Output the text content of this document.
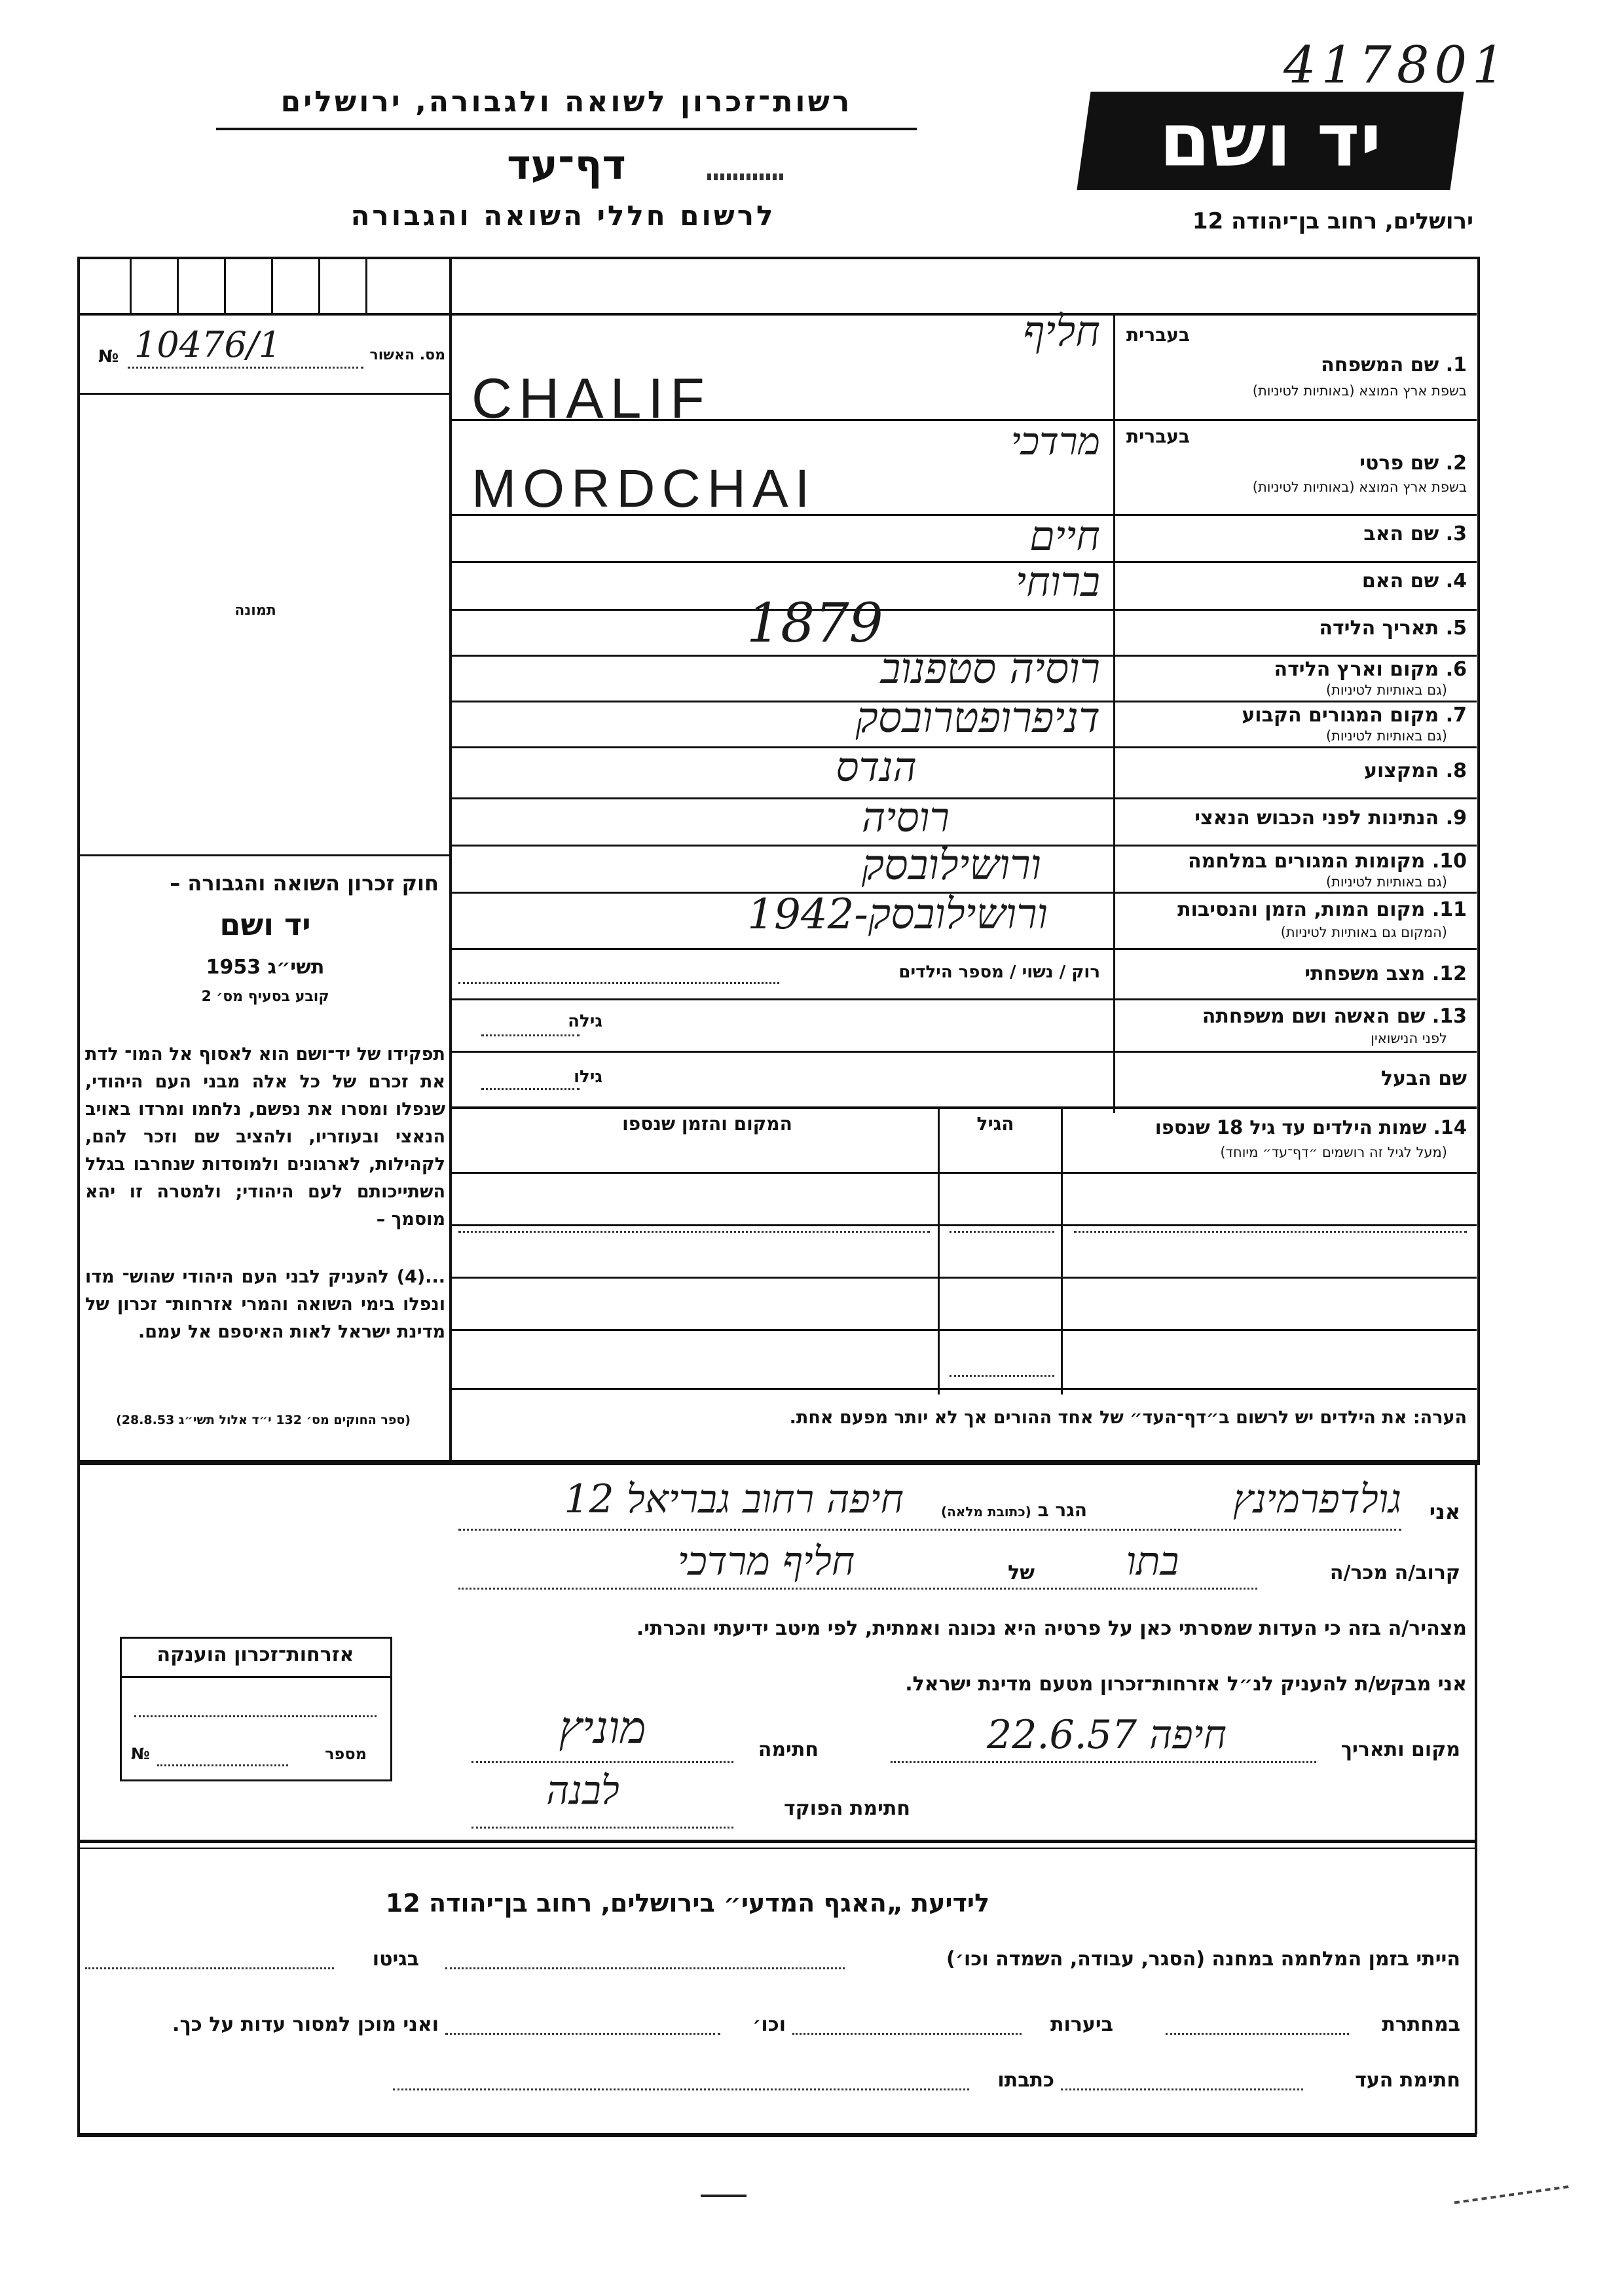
רשות־זכרון לשואה ולגבורה, ירושלים
דף־עד
לרשום חללי השואה והגבורה
יד ושם
417801
ירושלים, רחוב בן־יהודה 12
מס. האשור
№ 10476/1
תמונה
חוק זכרון השואה והגבורה –
יד ושם
תשי״ג 1953
קובע בסעיף מס׳ 2
תפקידו של יד־ושם הוא לאסוף אל המו־ לדת את זכרם של כל אלה מבני העם היהודי, שנפלו ומסרו את נפשם, נלחמו ומרדו באויב הנאצי ובעוזריו, ולהציב שם וזכר להם, לקהילות, לארגונים ולמוסדות שנחרבו בגלל השתייכותם לעם היהודי; ולמטרה זו יהא מוסמך –
...(4) להעניק לבני העם היהודי שהוש־ מדו ונפלו בימי השואה והמרי אזרחות־ זכרון של מדינת ישראל לאות האיספם אל עמם.
(ספר החוקים מס׳ 132 י״ד אלול תשי״ג 28.8.53)
בעברית
1. שם המשפחה
בשפת ארץ המוצא (באותיות לטיניות)
חליף
CHALIF
בעברית
2. שם פרטי
בשפת ארץ המוצא (באותיות לטיניות)
מרדכי
MORDCHAI
3. שם האב
חיים
4. שם האם
ברוחי
5. תאריך הלידה
1879
6. מקום וארץ הלידה
(גם באותיות לטיניות)
רוסיה סטפנוב
7. מקום המגורים הקבוע
(גם באותיות לטיניות)
דניפרופטרובסק
8. המקצוע
הנדס
9. הנתינות לפני הכבוש הנאצי
רוסיה
10. מקומות המגורים במלחמה
(גם באותיות לטיניות)
ורושילובסק
11. מקום המות, הזמן והנסיבות
(המקום גם באותיות לטיניות)
ורושילובסק-1942
12. מצב משפחתי
רוק / נשוי / מספר הילדים
13. שם האשה ושם משפחתה
לפני הנישואין
גילה
שם הבעל
גילו
14. שמות הילדים עד גיל 18 שנספו
(מעל לגיל זה רושמים ״דף־עד״ מיוחד)
הגיל
המקום והזמן שנספו
הערה: את הילדים יש לרשום ב״דף־העד״ של אחד ההורים אך לא יותר מפעם אחת.
אני
גולדפרמינץ
הגר ב (כתובת מלאה)
חיפה רחוב גבריאל 12
קרוב/ה מכר/ה
בתו
של
חליף מרדכי
מצהיר/ה בזה כי העדות שמסרתי כאן על פרטיה היא נכונה ואמתית, לפי מיטב ידיעתי והכרתי.
אני מבקש/ת להעניק לנ״ל אזרחות־זכרון מטעם מדינת ישראל.
מקום ותאריך
חיפה 22.6.57
חתימה
מוניץ
חתימת הפוקד
לבנה
אזרחות־זכרון הוענקה
מספר
№
לידיעת „האגף המדעי״ בירושלים, רחוב בן־יהודה 12
הייתי בזמן המלחמה במחנה (הסגר, עבודה, השמדה וכו׳)
בגיטו
במחתרת
ביערות
וכו׳
ואני מוכן למסור עדות על כך.
חתימת העד
כתבתו
